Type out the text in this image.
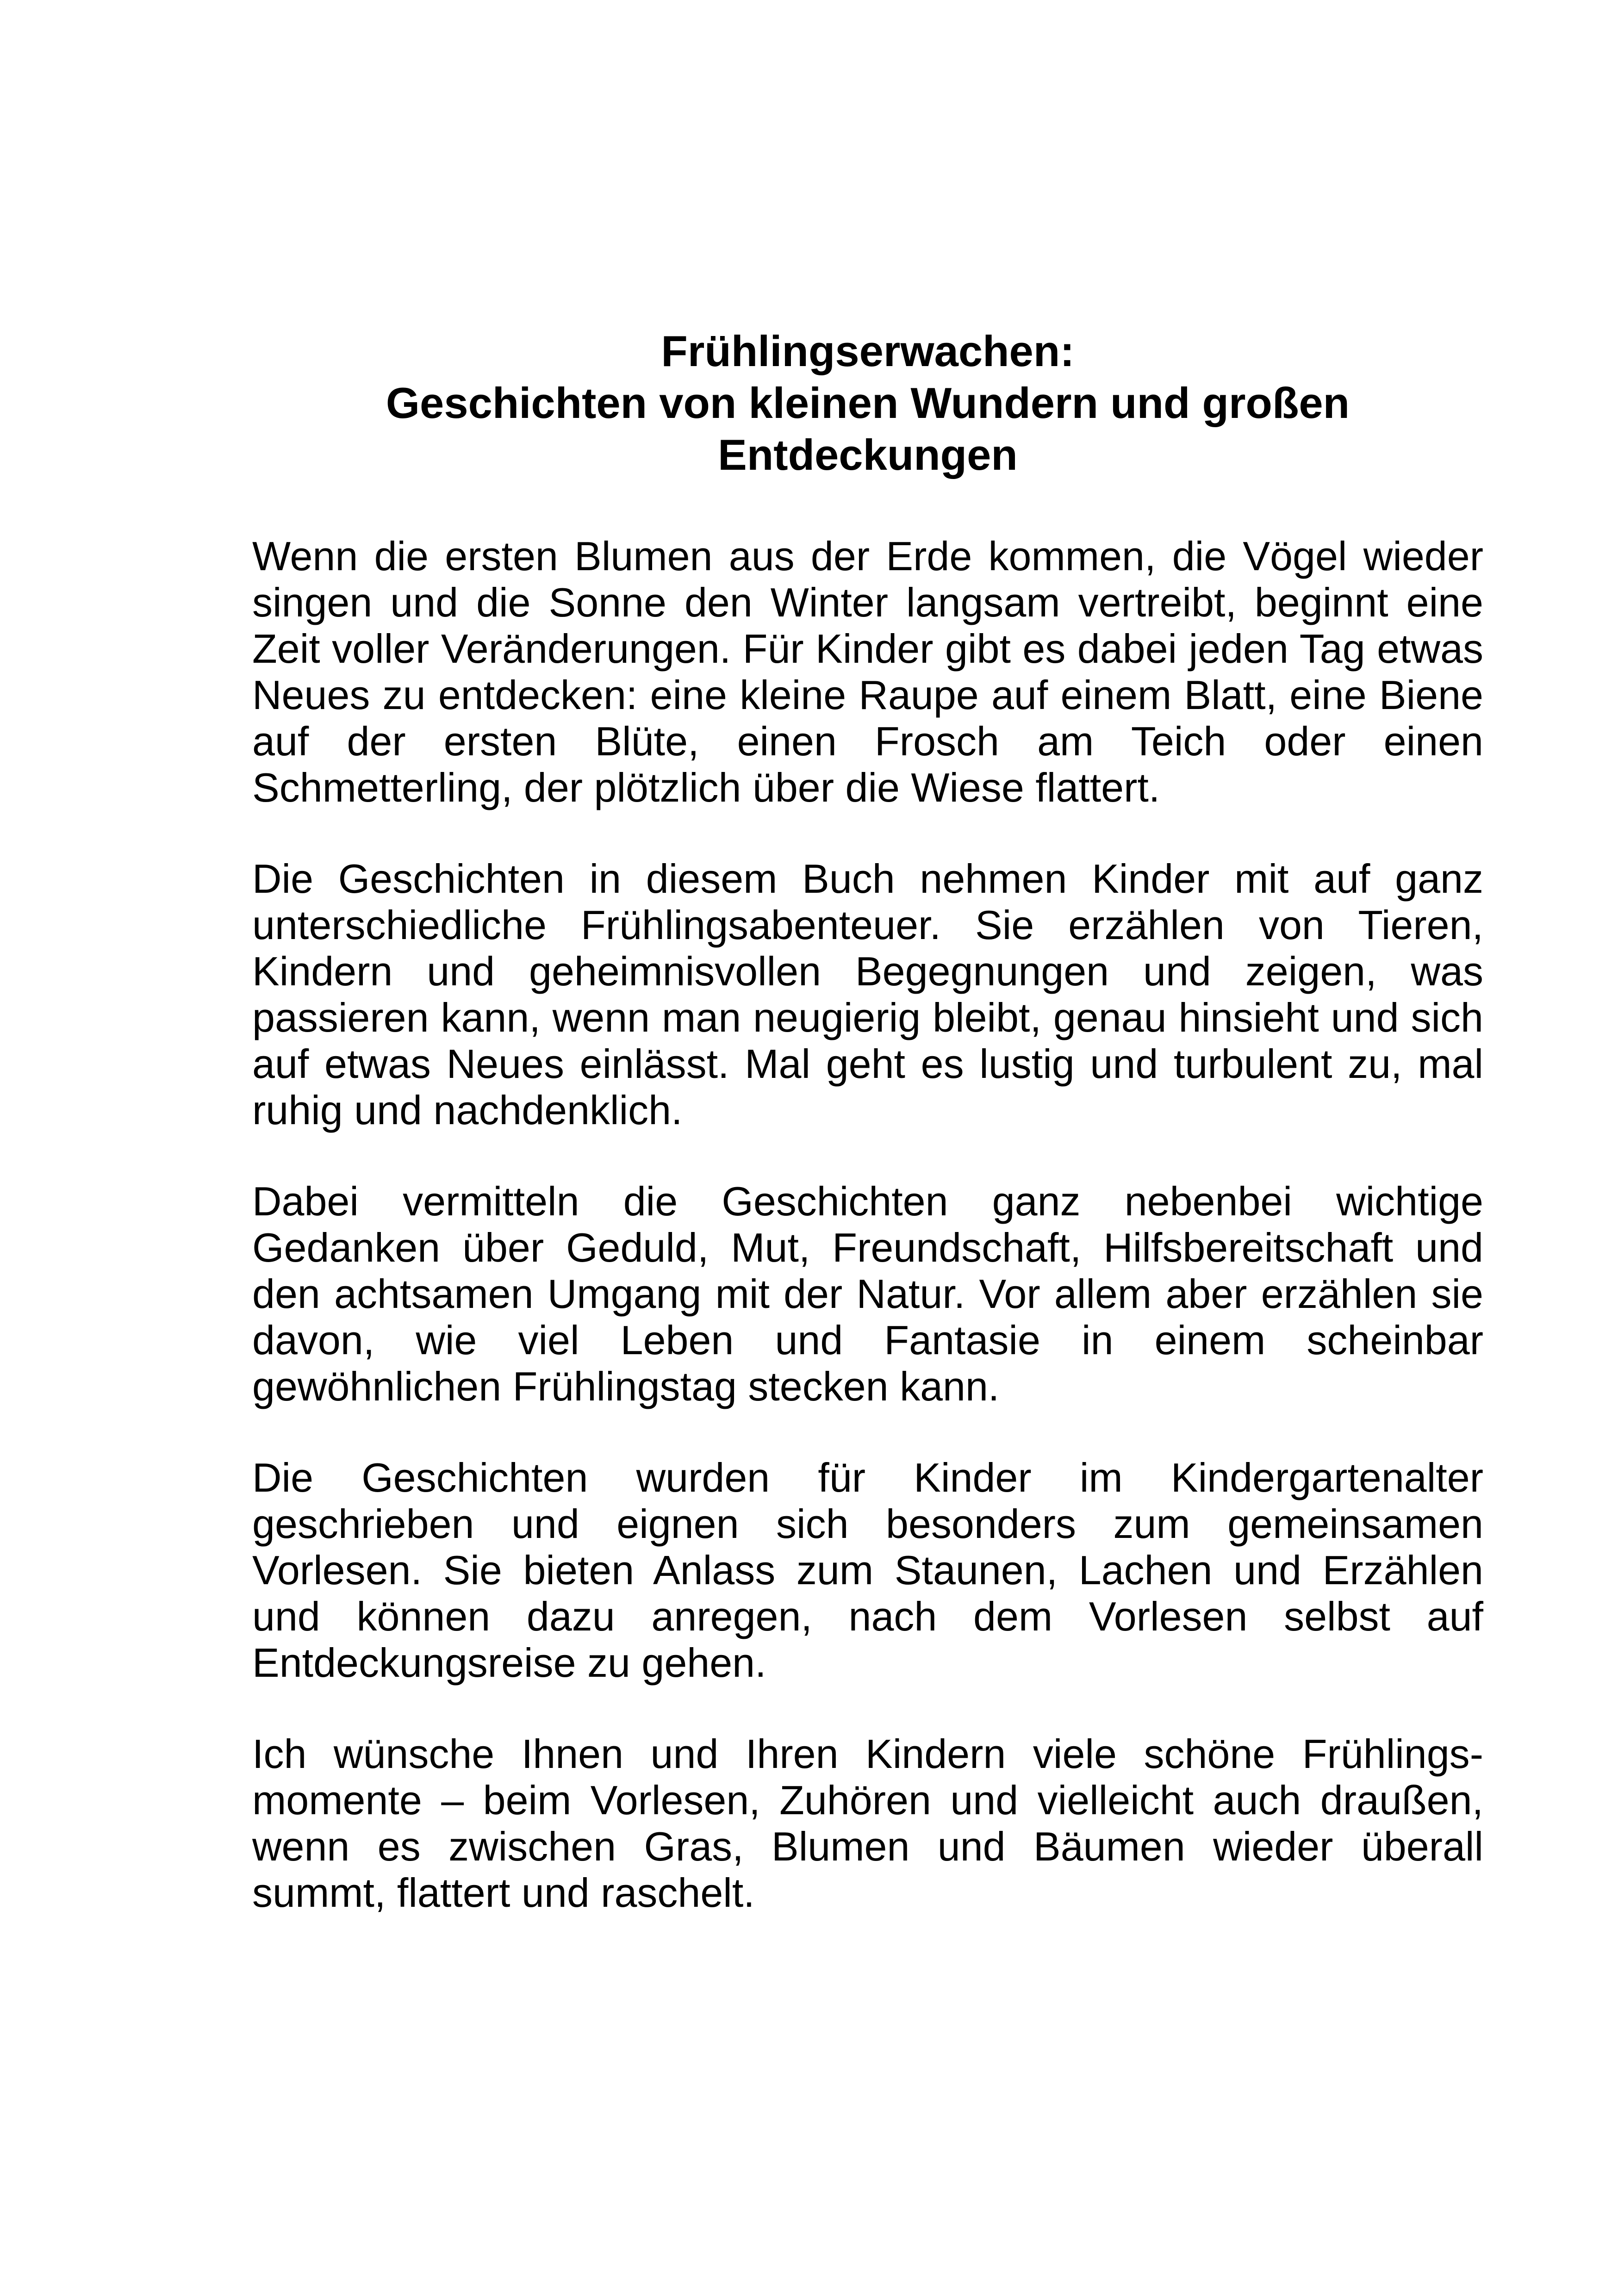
Frühlingserwachen:
Geschichten von kleinen Wundern und großen
Entdeckungen

Wenn die ersten Blumen aus der Erde kommen, die Vögel wieder singen und die Sonne den Winter langsam vertreibt, beginnt eine Zeit voller Veränderungen. Für Kinder gibt es dabei jeden Tag etwas Neues zu entdecken: eine kleine Raupe auf einem Blatt, eine Biene auf der ersten Blüte, einen Frosch am Teich oder einen Schmetterling, der plötzlich über die Wiese flattert.

Die Geschichten in diesem Buch nehmen Kinder mit auf ganz unterschiedliche Frühlingsabenteuer. Sie erzählen von Tieren, Kindern und geheimnisvollen Begegnungen und zeigen, was passieren kann, wenn man neugierig bleibt, genau hinsieht und sich auf etwas Neues einlässt. Mal geht es lustig und turbulent zu, mal ruhig und nachdenklich.

Dabei vermitteln die Geschichten ganz nebenbei wichtige Gedanken über Geduld, Mut, Freundschaft, Hilfsbereitschaft und den achtsamen Umgang mit der Natur. Vor allem aber erzählen sie davon, wie viel Leben und Fantasie in einem scheinbar gewöhnlichen Frühlingstag stecken kann.

Die Geschichten wurden für Kinder im Kindergartenalter geschrieben und eignen sich besonders zum gemeinsamen Vorlesen. Sie bieten Anlass zum Staunen, Lachen und Erzählen und können dazu anregen, nach dem Vorlesen selbst auf Entdeckungsreise zu gehen.

Ich wünsche Ihnen und Ihren Kindern viele schöne Frühlingsmomente – beim Vorlesen, Zuhören und vielleicht auch draußen, wenn es zwischen Gras, Blumen und Bäumen wieder überall summt, flattert und raschelt.
